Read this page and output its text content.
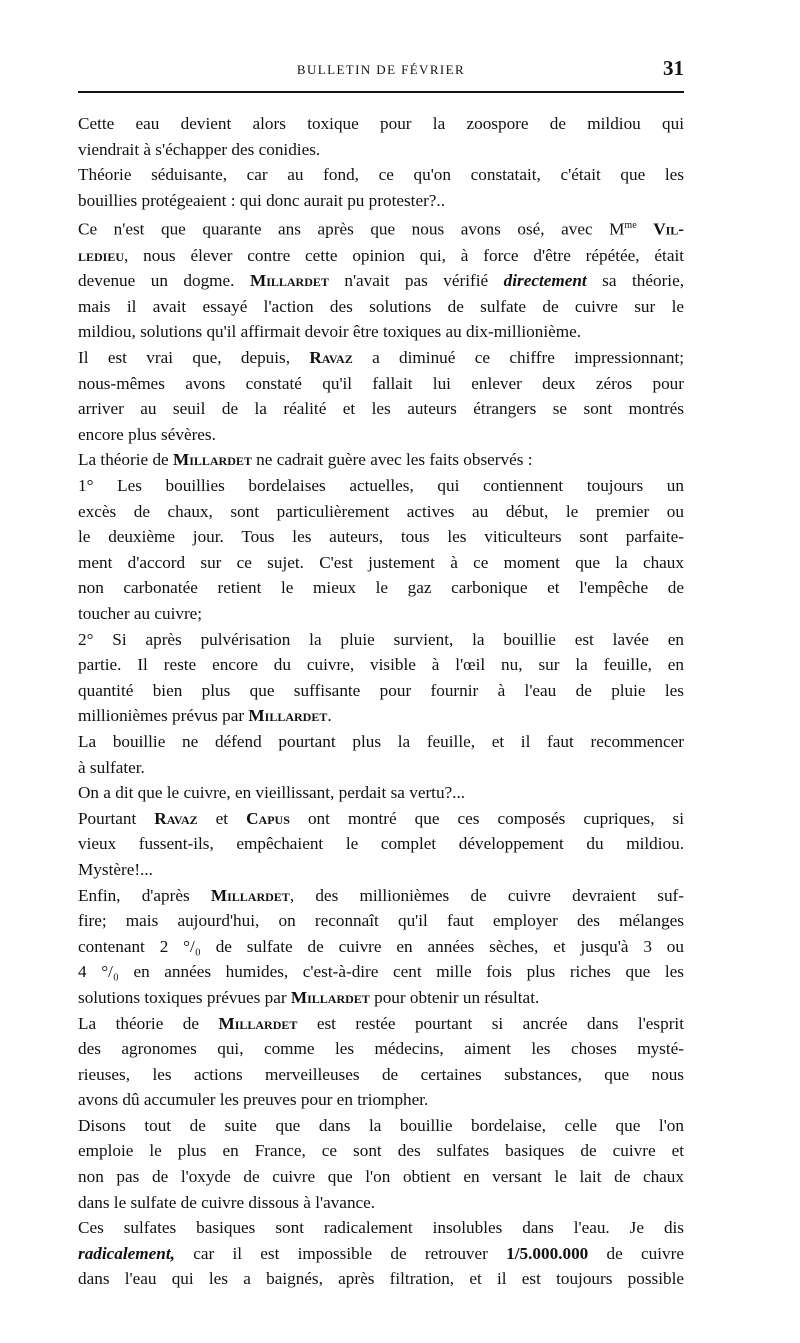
BULLETIN DE FÉVRIER	31
Cette eau devient alors toxique pour la zoospore de mildiou qui
viendrait à s'échapper des conidies.
Théorie séduisante, car au fond, ce qu'on constatait, c'était que les
bouillies protégeaient : qui donc aurait pu protester?..
Ce n'est que quarante ans après que nous avons osé, avec $M^{me}$ Vil-
ledieu, nous élever contre cette opinion qui, à force d'être répétée, était
devenue un dogme. Millardet n'avait pas vérifié directement sa théorie,
mais il avait essayé l'action des solutions de sulfate de cuivre sur le
mildiou, solutions qu'il affirmait devoir être toxiques au dix-millionième.
Il est vrai que, depuis, Ravaz a diminué ce chiffre impressionnant;
nous-mêmes avons constaté qu'il fallait lui enlever deux zéros pour
arriver au seuil de la réalité et les auteurs étrangers se sont montrés
encore plus sévères.
La théorie de Millardet ne cadrait guère avec les faits observés :
1° Les bouillies bordelaises actuelles, qui contiennent toujours un
excès de chaux, sont particulièrement actives au début, le premier ou
le deuxième jour. Tous les auteurs, tous les viticulteurs sont parfaite-
ment d'accord sur ce sujet. C'est justement à ce moment que la chaux
non carbonatée retient le mieux le gaz carbonique et l'empêche de
toucher au cuivre;
2° Si après pulvérisation la pluie survient, la bouillie est lavée en
partie. Il reste encore du cuivre, visible à l'œil nu, sur la feuille, en
quantité bien plus que suffisante pour fournir à l'eau de pluie les
millionièmes prévus par Millardet.
La bouillie ne défend pourtant plus la feuille, et il faut recommencer
à sulfater.
On a dit que le cuivre, en vieillissant, perdait sa vertu?...
Pourtant Ravaz et Capus ont montré que ces composés cupriques, si
vieux fussent-ils, empêchaient le complet développement du mildiou.
Mystère!...
Enfin, d'après Millardet, des millionièmes de cuivre devraient suf-
fire; mais aujourd'hui, on reconnaît qu'il faut employer des mélanges
contenant 2 °/₀ de sulfate de cuivre en années sèches, et jusqu'à 3 ou
4 °/₀ en années humides, c'est-à-dire cent mille fois plus riches que les
solutions toxiques prévues par Millardet pour obtenir un résultat.
La théorie de Millardet est restée pourtant si ancrée dans l'esprit
des agronomes qui, comme les médecins, aiment les choses mysté-
rieuses, les actions merveilleuses de certaines substances, que nous
avons dû accumuler les preuves pour en triompher.
Disons tout de suite que dans la bouillie bordelaise, celle que l'on
emploie le plus en France, ce sont des sulfates basiques de cuivre et
non pas de l'oxyde de cuivre que l'on obtient en versant le lait de chaux
dans le sulfate de cuivre dissous à l'avance.
Ces sulfates basiques sont radicalement insolubles dans l'eau. Je dis
radicalement, car il est impossible de retrouver 1/5.000.000 de cuivre
dans l'eau qui les a baignés, après filtration, et il est toujours possible
